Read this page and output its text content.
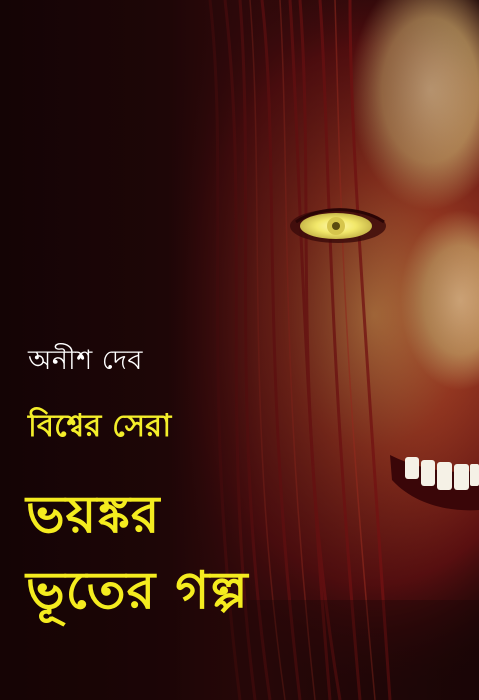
অনীশ দেব
বিশ্বের সেরা
ভয়ঙ্কর
ভূতের গল্প
